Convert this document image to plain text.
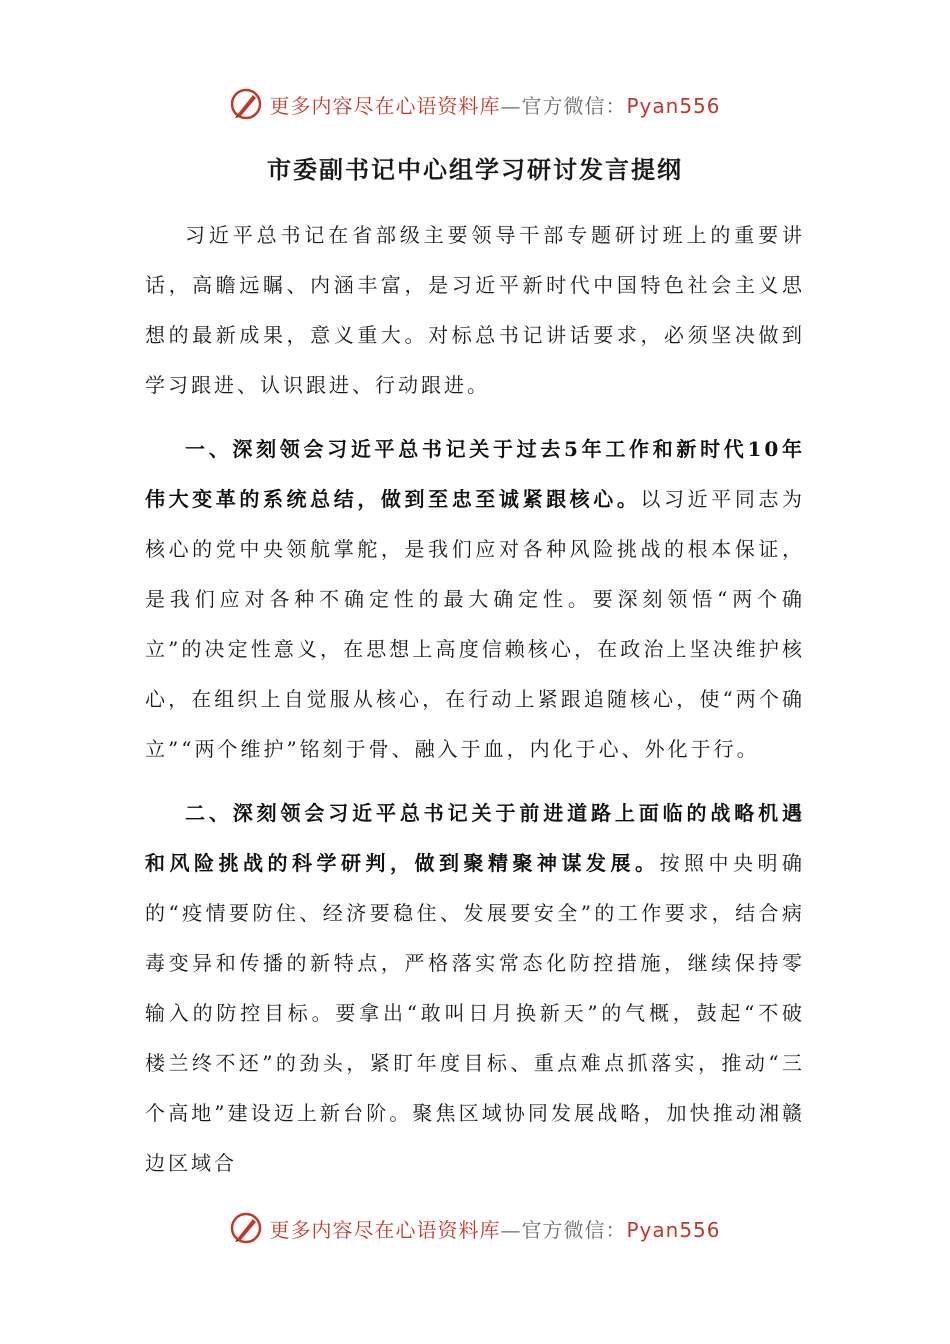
更多内容尽在心语资料库—官方微信：Pyan556
市委副书记中心组学习研讨发言提纲

习近平总书记在省部级主要领导干部专题研讨班上的重要讲话，高瞻远瞩、内涵丰富，是习近平新时代中国特色社会主义思想的最新成果，意义重大。对标总书记讲话要求，必须坚决做到学习跟进、认识跟进、行动跟进。

一、深刻领会习近平总书记关于过去5年工作和新时代10年伟大变革的系统总结，做到至忠至诚紧跟核心。以习近平同志为核心的党中央领航掌舵，是我们应对各种风险挑战的根本保证，是我们应对各种不确定性的最大确定性。要深刻领悟“两个确立”的决定性意义，在思想上高度信赖核心，在政治上坚决维护核心，在组织上自觉服从核心，在行动上紧跟追随核心，使“两个确立”“两个维护”铭刻于骨、融入于血，内化于心、外化于行。

二、深刻领会习近平总书记关于前进道路上面临的战略机遇和风险挑战的科学研判，做到聚精聚神谋发展。按照中央明确的“疫情要防住、经济要稳住、发展要安全”的工作要求，结合病毒变异和传播的新特点，严格落实常态化防控措施，继续保持零输入的防控目标。要拿出“敢叫日月换新天”的气概，鼓起“不破楼兰终不还”的劲头，紧盯年度目标、重点难点抓落实，推动“三个高地”建设迈上新台阶。聚焦区域协同发展战略，加快推动湘赣边区域合

更多内容尽在心语资料库—官方微信：Pyan556
